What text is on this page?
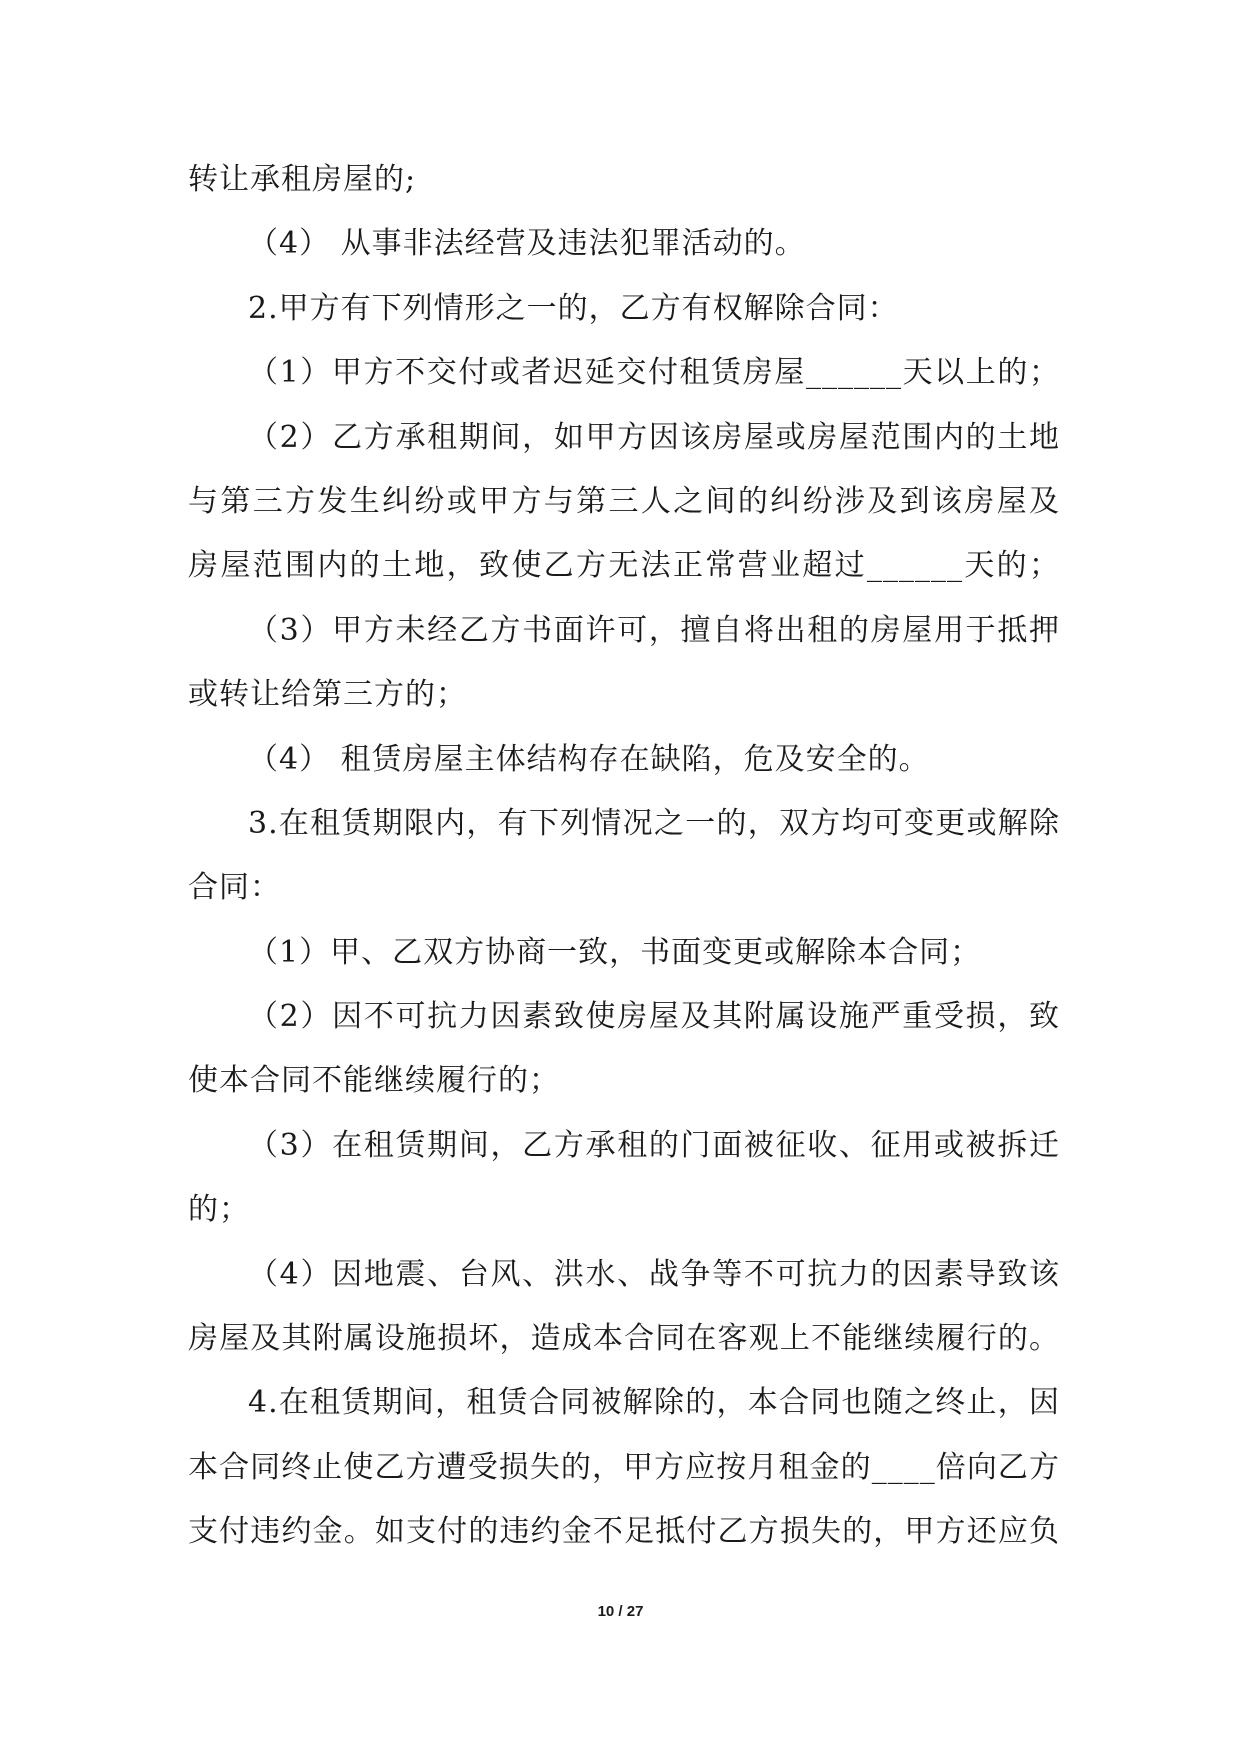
转让承租房屋的;
（4） 从事非法经营及违法犯罪活动的。
2.甲方有下列情形之一的，乙方有权解除合同：
（1）甲方不交付或者迟延交付租赁房屋______天以上的；
（2）乙方承租期间，如甲方因该房屋或房屋范围内的土地
与第三方发生纠纷或甲方与第三人之间的纠纷涉及到该房屋及
房屋范围内的土地，致使乙方无法正常营业超过______天的；
（3）甲方未经乙方书面许可，擅自将出租的房屋用于抵押
或转让给第三方的；
（4） 租赁房屋主体结构存在缺陷，危及安全的。
3.在租赁期限内，有下列情况之一的，双方均可变更或解除
合同：
（1）甲、乙双方协商一致，书面变更或解除本合同；
（2）因不可抗力因素致使房屋及其附属设施严重受损，致
使本合同不能继续履行的；
（3）在租赁期间，乙方承租的门面被征收、征用或被拆迁
的；
（4）因地震、台风、洪水、战争等不可抗力的因素导致该
房屋及其附属设施损坏，造成本合同在客观上不能继续履行的。
4.在租赁期间，租赁合同被解除的，本合同也随之终止，因
本合同终止使乙方遭受损失的，甲方应按月租金的____倍向乙方
支付违约金。如支付的违约金不足抵付乙方损失的，甲方还应负
10 / 27
